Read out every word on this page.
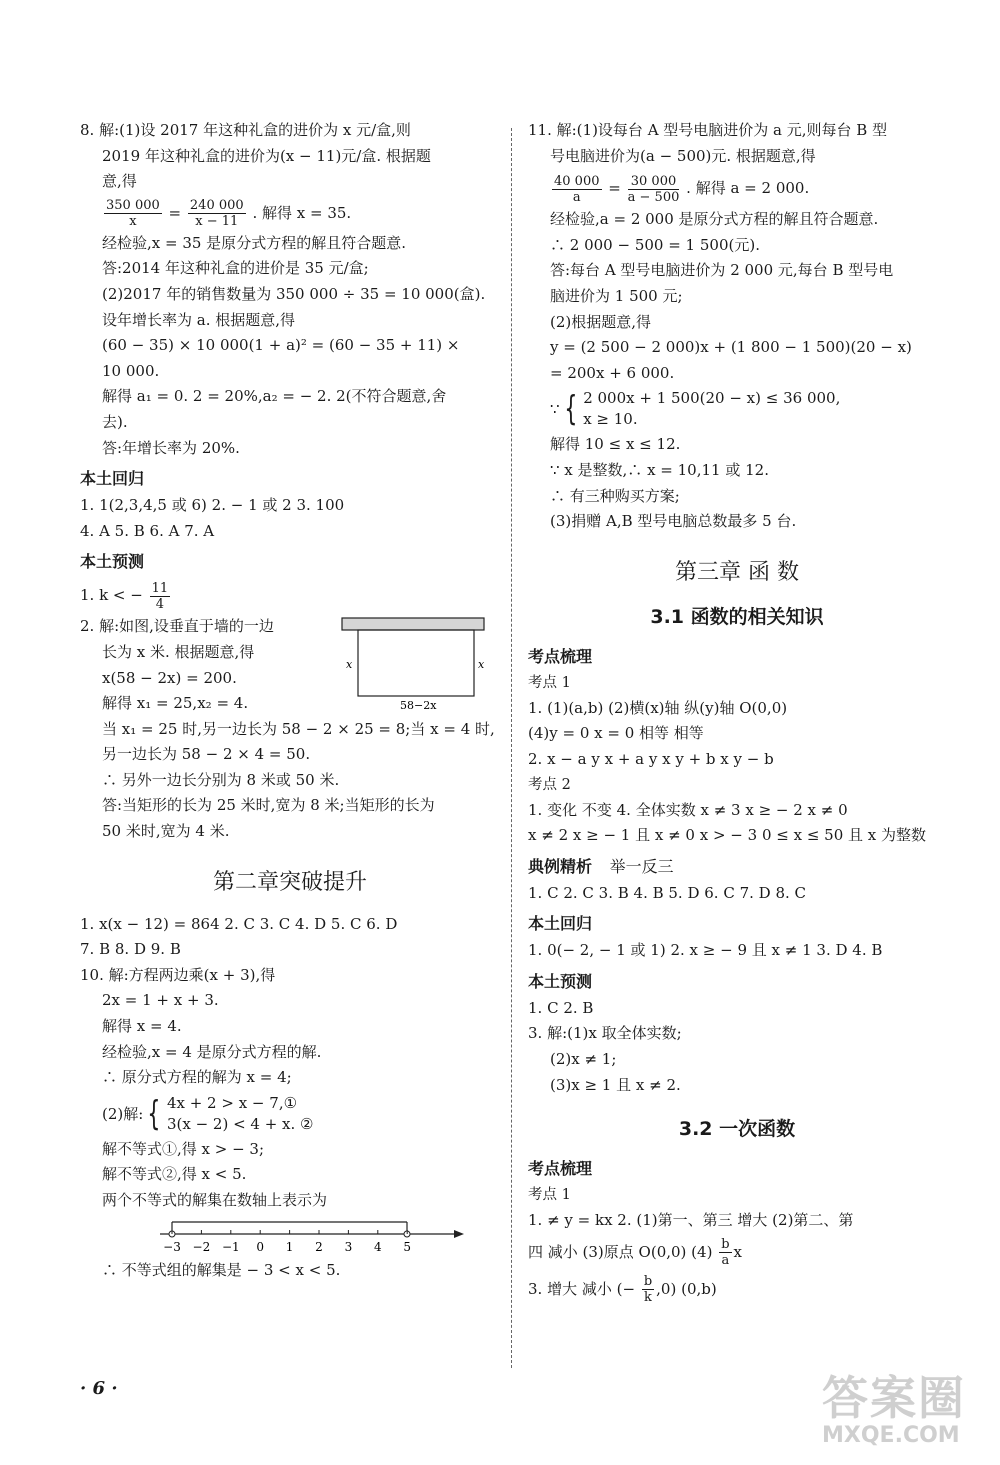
8. 解:(1)设 2017 年这种礼盒的进价为 x 元/盒,则
2019 年这种礼盒的进价为(x − 11)元/盒. 根据题
意,得
$\frac{350 000}{x} = \frac{240 000}{x - 11}$ . 解得 x = 35.
经检验,x = 35 是原分式方程的解且符合题意.
答:2014 年这种礼盒的进价是 35 元/盒;
(2)2017 年的销售数量为 350 000 ÷ 35 = 10 000(盒).
设年增长率为 a. 根据题意,得
(60 − 35) × 10 000(1 + a)² = (60 − 35 + 11) ×
10 000.
解得 a₁ = 0. 2 = 20%,a₂ = − 2. 2(不符合题意,舍
去).
答:年增长率为 20%.
本土回归
1. 1(2,3,4,5 或 6) 2. − 1 或 2 3. 100
4. A 5. B 6. A 7. A
本土预测
1. k < − $\frac{11}{4}$
x	x
58−2x
2. 解:如图,设垂直于墙的一边
长为 x 米. 根据题意,得
x(58 − 2x) = 200.
解得 x₁ = 25,x₂ = 4.
当 x₁ = 25 时,另一边长为 58 − 2 × 25 = 8;当 x = 4 时,
另一边长为 58 − 2 × 4 = 50.
∴ 另外一边长分别为 8 米或 50 米.
答:当矩形的长为 25 米时,宽为 8 米;当矩形的长为
50 米时,宽为 4 米.
第二章突破提升
1. x(x − 12) = 864 2. C 3. C 4. D 5. C 6. D
7. B 8. D 9. B
10. 解:方程两边乘(x + 3),得
2x = 1 + x + 3.
解得 x = 4.
经检验,x = 4 是原分式方程的解.
∴ 原分式方程的解为 x = 4;
(2)解: { 4x + 2 > x − 7,①
3(x − 2) < 4 + x. ②
解不等式①,得 x > − 3;
解不等式②,得 x < 5.
两个不等式的解集在数轴上表示为
−3 −2 −1 0 1 2 3 4 5
∴ 不等式组的解集是 − 3 < x < 5.
11. 解:(1)设每台 A 型号电脑进价为 a 元,则每台 B 型
号电脑进价为(a − 500)元. 根据题意,得
$\frac{40 000}{a} = \frac{30 000}{a - 500}$ . 解得 a = 2 000.
经检验,a = 2 000 是原分式方程的解且符合题意.
∴ 2 000 − 500 = 1 500(元).
答:每台 A 型号电脑进价为 2 000 元,每台 B 型号电
脑进价为 1 500 元;
(2)根据题意,得
y = (2 500 − 2 000)x + (1 800 − 1 500)(20 − x)
= 200x + 6 000.
∵ { 2 000x + 1 500(20 − x) ≤ 36 000,
x ≥ 10.
解得 10 ≤ x ≤ 12.
∵ x 是整数,∴ x = 10,11 或 12.
∴ 有三种购买方案;
(3)捐赠 A,B 型号电脑总数最多 5 台.
第三章 函 数
3.1 函数的相关知识
考点梳理
考点 1
1. (1)(a,b) (2)横(x)轴 纵(y)轴 O(0,0)
(4)y = 0 x = 0 相等 相等
2. x − a y x + a y x y + b x y − b
考点 2
1. 变化 不变 4. 全体实数 x ≠ 3 x ≥ − 2 x ≠ 0
x ≠ 2 x ≥ − 1 且 x ≠ 0 x > − 3 0 ≤ x ≤ 50 且 x 为整数
典例精析 举一反三
1. C 2. C 3. B 4. B 5. D 6. C 7. D 8. C
本土回归
1. 0(− 2, − 1 或 1) 2. x ≥ − 9 且 x ≠ 1 3. D 4. B
本土预测
1. C 2. B
3. 解:(1)x 取全体实数;
(2)x ≠ 1;
(3)x ≥ 1 且 x ≠ 2.
3.2 一次函数
考点梳理
考点 1
1. ≠ y = kx 2. (1)第一、第三 增大 (2)第二、第
四 减小 (3)原点 O(0,0) $(4) \frac{b}{a}$ x
3. 增大 减小 (− $\frac{b}{k} ,0$) (0,b)
· 6 ·	答案圈
MXQE.COM
